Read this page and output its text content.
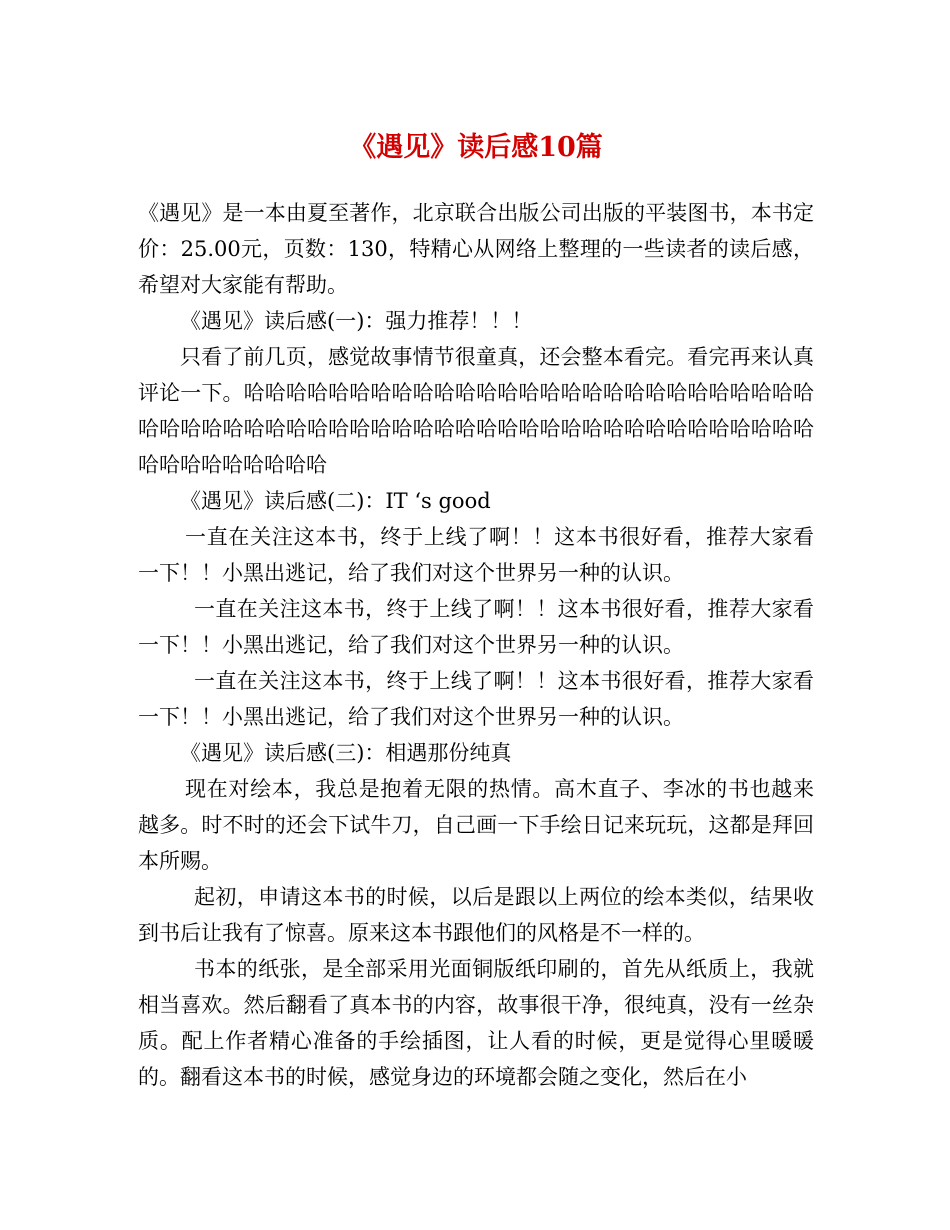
《遇见》读后感10篇

《遇见》是一本由夏至著作，北京联合出版公司出版的平装图书，本书定价：25.00元，页数：130，特精心从网络上整理的一些读者的读后感，希望对大家能有帮助。

《遇见》读后感(一)：强力推荐！！！

只看了前几页，感觉故事情节很童真，还会整本看完。看完再来认真评论一下。哈哈哈哈哈哈哈哈哈哈哈哈哈哈哈哈哈哈哈哈哈哈哈哈哈哈哈哈哈哈哈哈哈哈哈哈哈哈哈哈哈哈哈哈哈哈哈哈哈哈哈哈哈哈哈哈哈哈哈哈哈哈哈哈哈哈哈哈

《遇见》读后感(二)：IT ‘s good

一直在关注这本书，终于上线了啊！！这本书很好看，推荐大家看一下！！小黑出逃记，给了我们对这个世界另一种的认识。

一直在关注这本书，终于上线了啊！！这本书很好看，推荐大家看一下！！小黑出逃记，给了我们对这个世界另一种的认识。

一直在关注这本书，终于上线了啊！！这本书很好看，推荐大家看一下！！小黑出逃记，给了我们对这个世界另一种的认识。

《遇见》读后感(三)：相遇那份纯真

现在对绘本，我总是抱着无限的热情。高木直子、李冰的书也越来越多。时不时的还会下试牛刀，自己画一下手绘日记来玩玩，这都是拜回本所赐。

起初，申请这本书的时候，以后是跟以上两位的绘本类似，结果收到书后让我有了惊喜。原来这本书跟他们的风格是不一样的。

书本的纸张，是全部采用光面铜版纸印刷的，首先从纸质上，我就相当喜欢。然后翻看了真本书的内容，故事很干净，很纯真，没有一丝杂质。配上作者精心准备的手绘插图，让人看的时候，更是觉得心里暖暖的。翻看这本书的时候，感觉身边的环境都会随之变化，然后在小
